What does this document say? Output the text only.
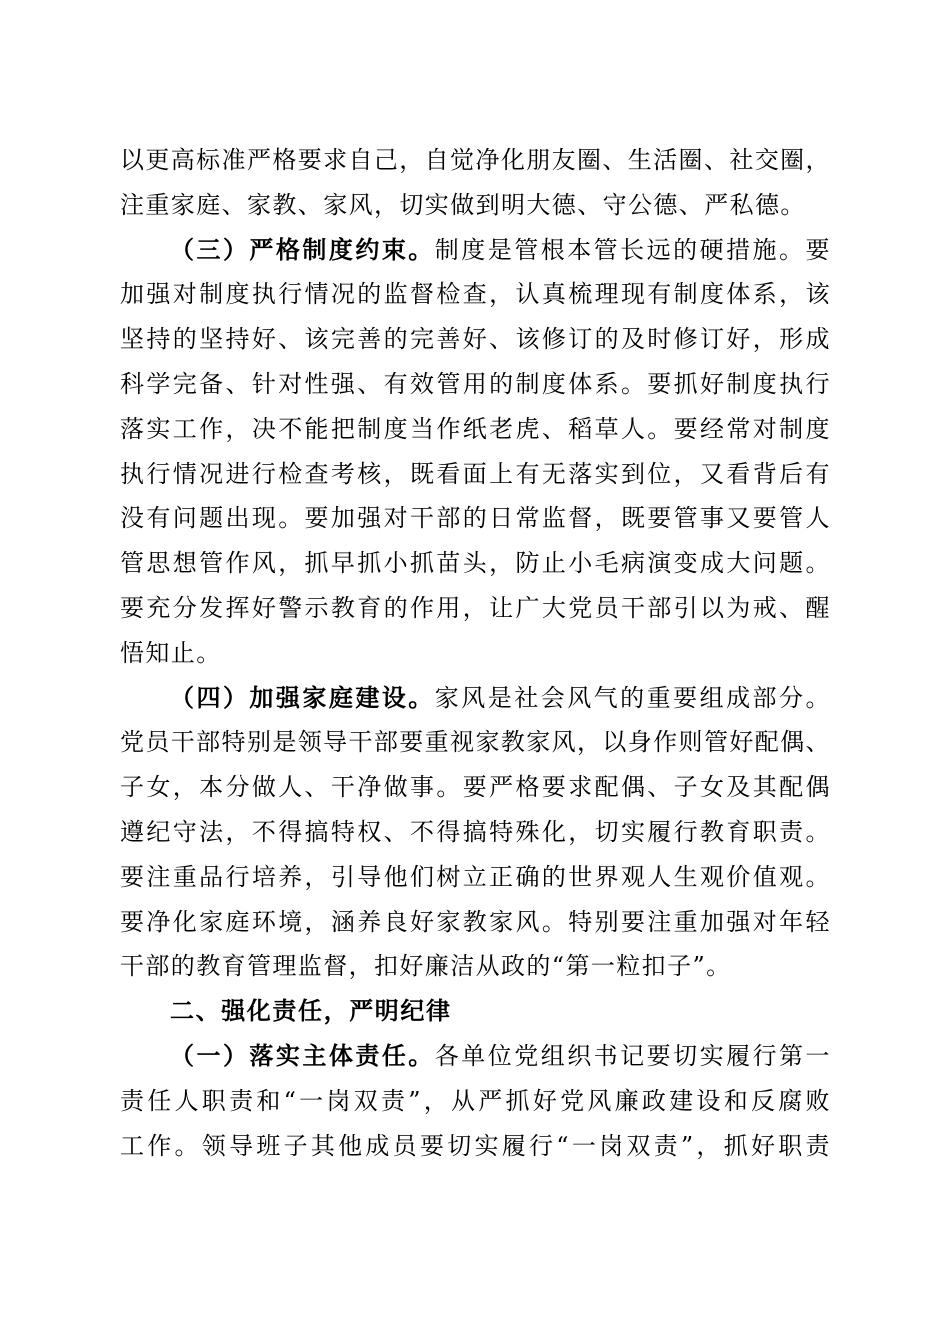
以更高标准严格要求自己，自觉净化朋友圈、生活圈、社交圈，
注重家庭、家教、家风，切实做到明大德、守公德、严私德。
（三）严格制度约束。制度是管根本管长远的硬措施。要
加强对制度执行情况的监督检查，认真梳理现有制度体系，该
坚持的坚持好、该完善的完善好、该修订的及时修订好，形成
科学完备、针对性强、有效管用的制度体系。要抓好制度执行
落实工作，决不能把制度当作纸老虎、稻草人。要经常对制度
执行情况进行检查考核，既看面上有无落实到位，又看背后有
没有问题出现。要加强对干部的日常监督，既要管事又要管人
管思想管作风，抓早抓小抓苗头，防止小毛病演变成大问题。
要充分发挥好警示教育的作用，让广大党员干部引以为戒、醒
悟知止。
（四）加强家庭建设。家风是社会风气的重要组成部分。
党员干部特别是领导干部要重视家教家风，以身作则管好配偶、
子女，本分做人、干净做事。要严格要求配偶、子女及其配偶
遵纪守法，不得搞特权、不得搞特殊化，切实履行教育职责。
要注重品行培养，引导他们树立正确的世界观人生观价值观。
要净化家庭环境，涵养良好家教家风。特别要注重加强对年轻
干部的教育管理监督，扣好廉洁从政的“第一粒扣子”。
二、强化责任，严明纪律
（一）落实主体责任。各单位党组织书记要切实履行第一
责任人职责和“一岗双责”，从严抓好党风廉政建设和反腐败
工作。领导班子其他成员要切实履行“一岗双责”，抓好职责
